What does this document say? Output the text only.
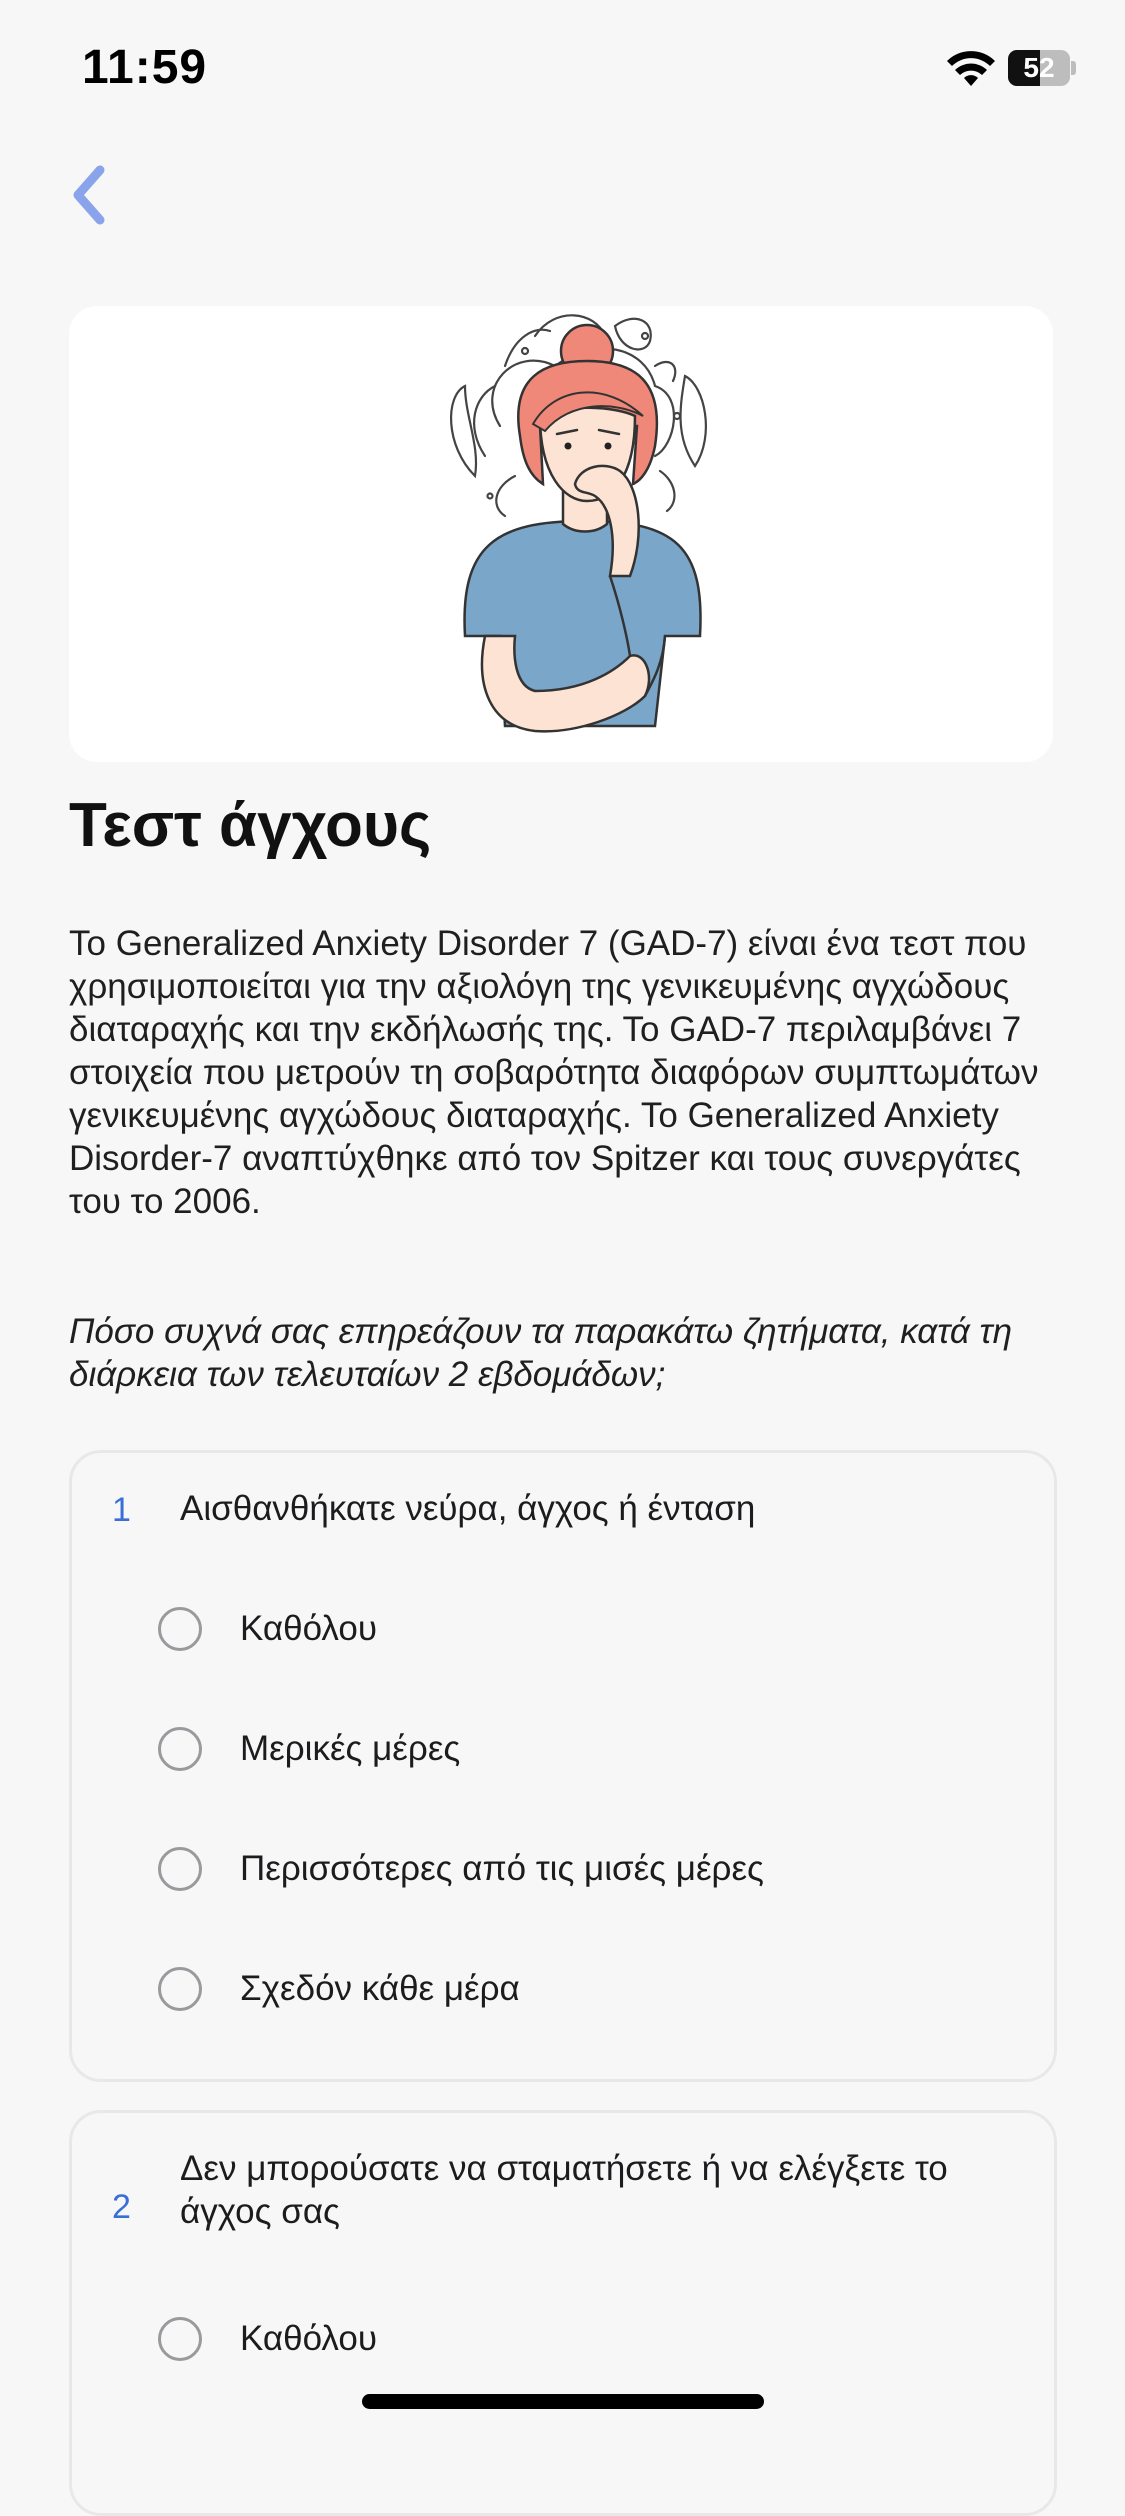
11:59	52
Τεστ άγχους

Το Generalized Anxiety Disorder 7 (GAD-7) είναι ένα τεστ που χρησιμοποιείται για την αξιολόγη της γενικευμένης αγχώδους διαταραχής και την εκδήλωσής της. Το GAD-7 περιλαμβάνει 7 στοιχεία που μετρούν τη σοβαρότητα διαφόρων συμπτωμάτων γενικευμένης αγχώδους διαταραχής. Το Generalized Anxiety Disorder-7 αναπτύχθηκε από τον Spitzer και τους συνεργάτες του το 2006.

Πόσο συχνά σας επηρεάζουν τα παρακάτω ζητήματα, κατά τη διάρκεια των τελευταίων 2 εβδομάδων;

1 Αισθανθήκατε νεύρα, άγχος ή ένταση
Καθόλου
Μερικές μέρες
Περισσότερες από τις μισές μέρες
Σχεδόν κάθε μέρα
2
Δεν μπορούσατε να σταματήσετε ή να ελέγξετε το άγχος σας
Καθόλου
